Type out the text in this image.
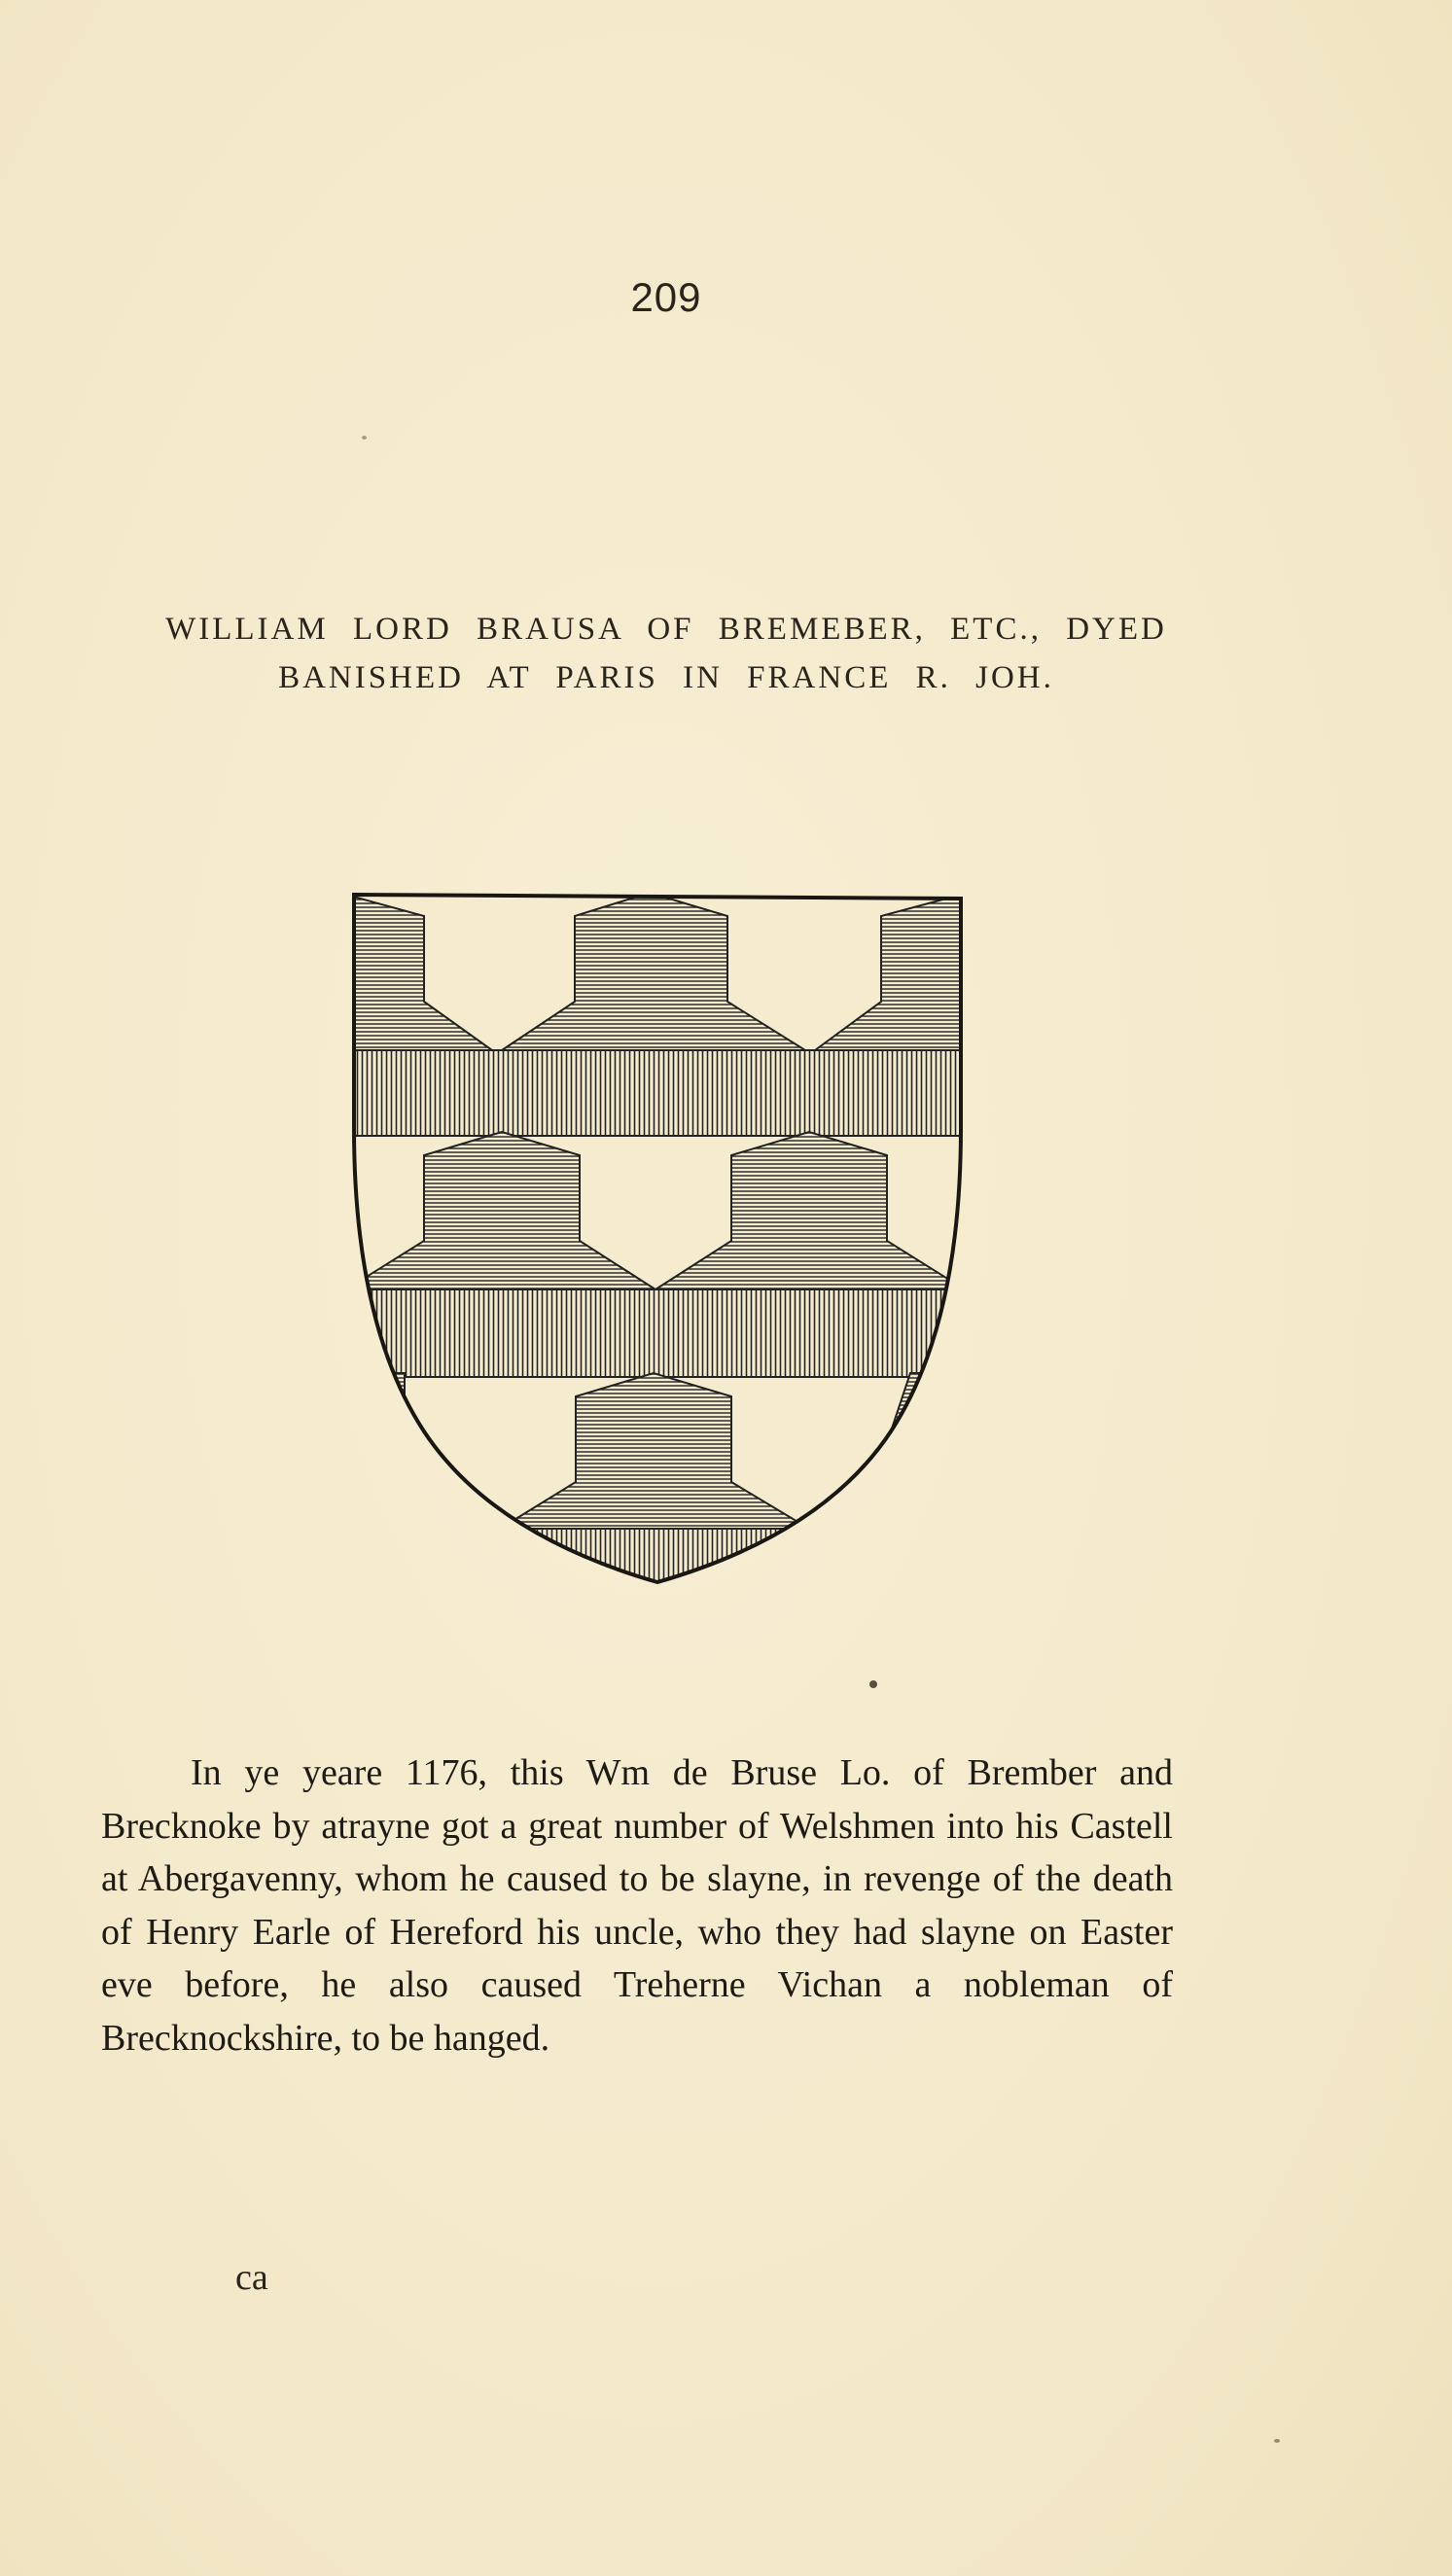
209
WILLIAM LORD BRAUSA OF BREMEBER, ETC., DYED BANISHED AT PARIS IN FRANCE R. JOH.

In ye yeare 1176, this Wm de Bruse Lo. of Brember and Brecknoke by atrayne got a great number of Welshmen into his Castell at Abergavenny, whom he caused to be slayne, in revenge of the death of Henry Earle of Hereford his uncle, who they had slayne on Easter eve before, he also caused Treherne Vichan a nobleman of Brecknockshire, to be hanged.

ca
